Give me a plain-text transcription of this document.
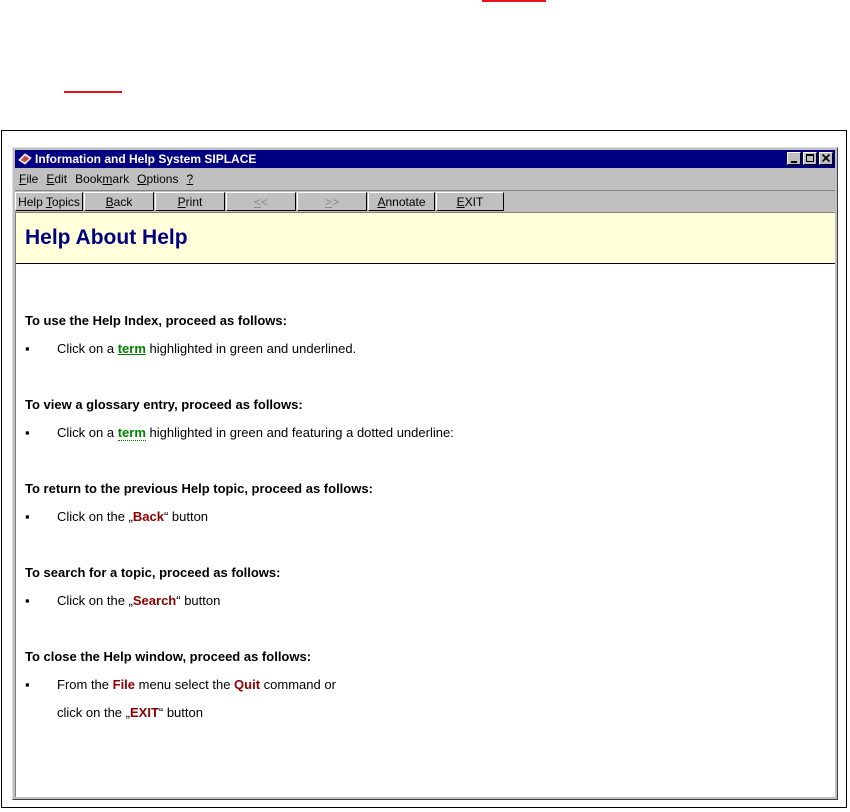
Information and Help System SIPLACE
File Edit Bookmark Options ?
Help Topics	Back	Print	<<	>>	Annotate	EXIT
Help About Help
To use the Help Index, proceed as follows:
▪ Click on a term highlighted in green and underlined.
To view a glossary entry, proceed as follows:
▪ Click on a term highlighted in green and featuring a dotted underline:
To return to the previous Help topic, proceed as follows:
▪ Click on the „Back“ button
To search for a topic, proceed as follows:
▪ Click on the „Search“ button
To close the Help window, proceed as follows:
▪ From the File menu select the Quit command or
click on the „EXIT“ button
